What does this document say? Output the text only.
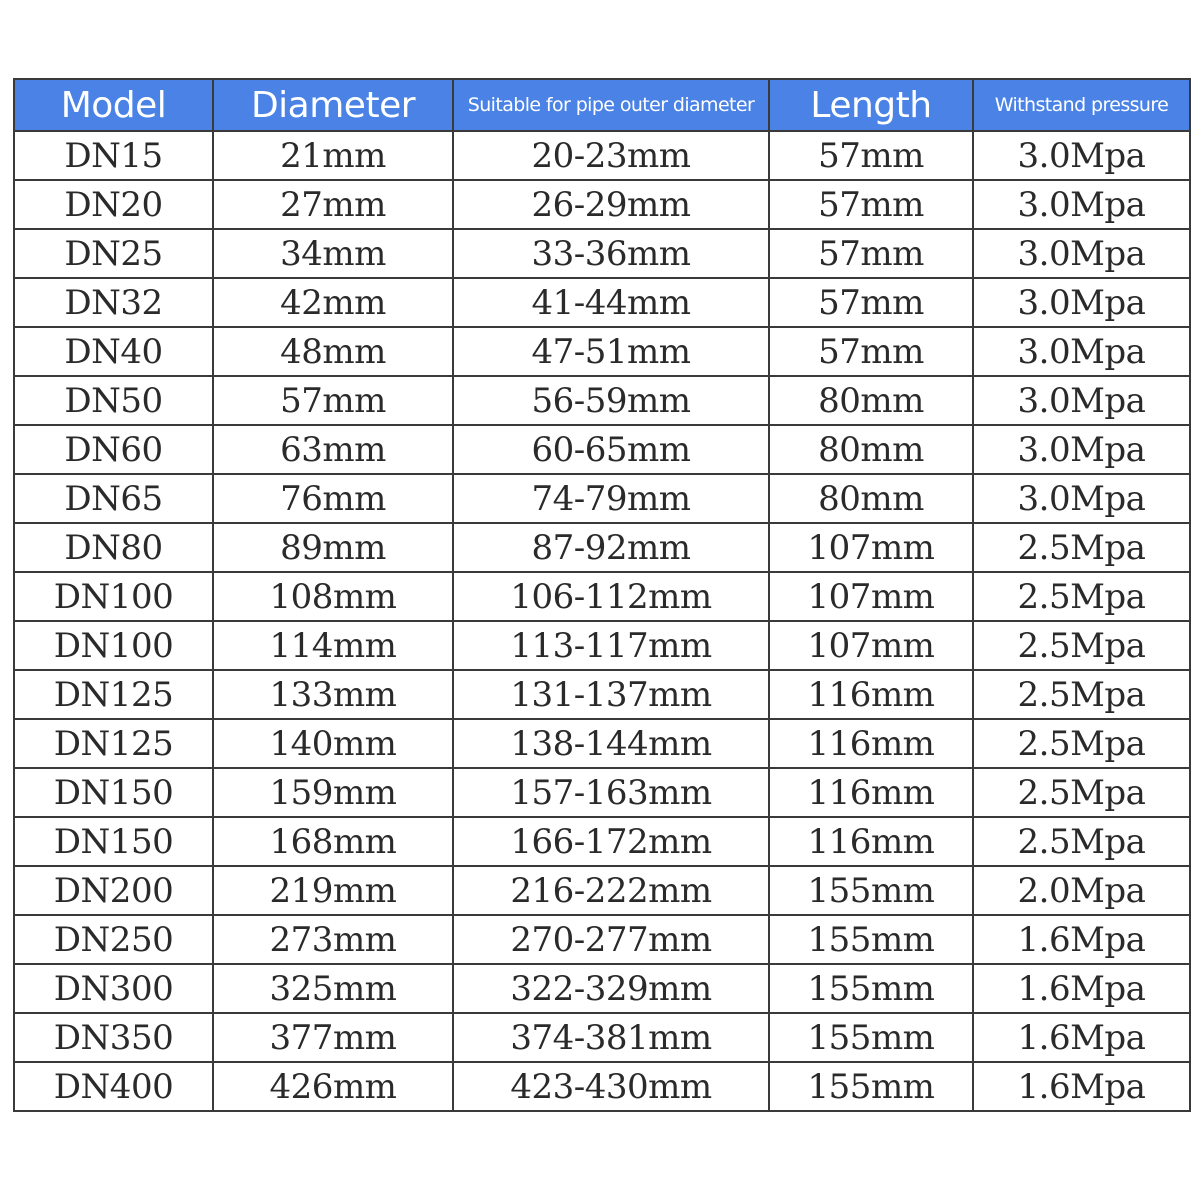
Model	Diameter	Suitable for pipe outer diameter	Length	Withstand pressure
DN15	21mm	20-23mm	57mm	3.0Mpa
DN20	27mm	26-29mm	57mm	3.0Mpa
DN25	34mm	33-36mm	57mm	3.0Mpa
DN32	42mm	41-44mm	57mm	3.0Mpa
DN40	48mm	47-51mm	57mm	3.0Mpa
DN50	57mm	56-59mm	80mm	3.0Mpa
DN60	63mm	60-65mm	80mm	3.0Mpa
DN65	76mm	74-79mm	80mm	3.0Mpa
DN80	89mm	87-92mm	107mm	2.5Mpa
DN100	108mm	106-112mm	107mm	2.5Mpa
DN100	114mm	113-117mm	107mm	2.5Mpa
DN125	133mm	131-137mm	116mm	2.5Mpa
DN125	140mm	138-144mm	116mm	2.5Mpa
DN150	159mm	157-163mm	116mm	2.5Mpa
DN150	168mm	166-172mm	116mm	2.5Mpa
DN200	219mm	216-222mm	155mm	2.0Mpa
DN250	273mm	270-277mm	155mm	1.6Mpa
DN300	325mm	322-329mm	155mm	1.6Mpa
DN350	377mm	374-381mm	155mm	1.6Mpa
DN400	426mm	423-430mm	155mm	1.6Mpa
